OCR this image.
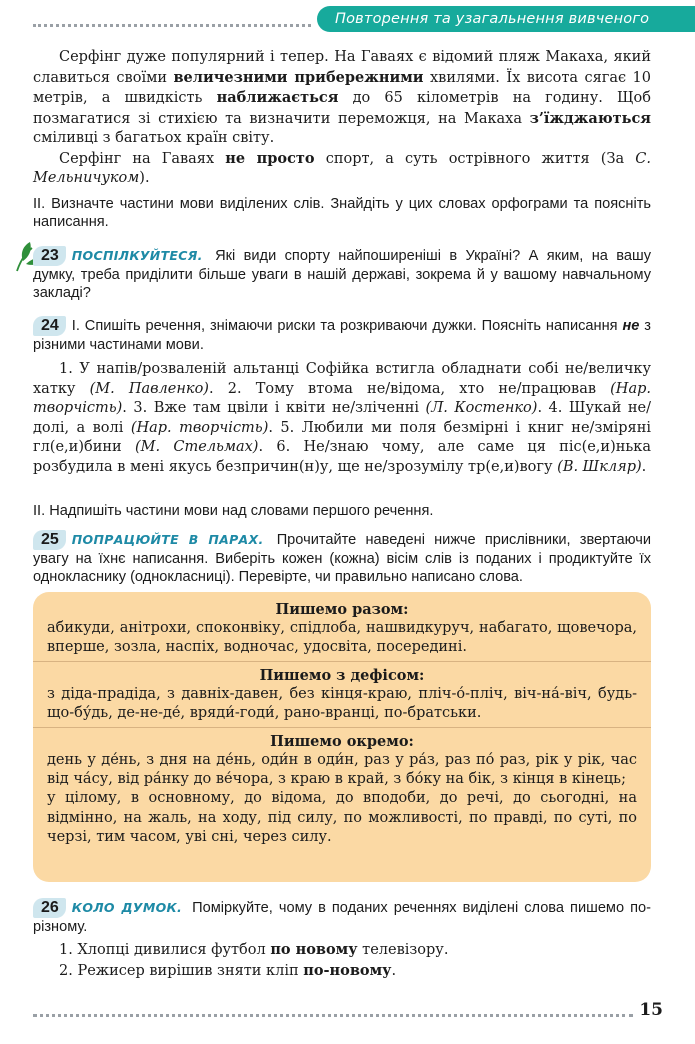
Повторення та узагальнення вивченого

Серфінг дуже популярний і тепер. На Гаваях є відомий пляж Макаха, який славиться своїми величезними прибережними хвилями. Їх висота сягає 10 метрів, а швидкість наближається до 65 кілометрів на годину. Щоб позмагатися зі стихією та визначити переможця, на Макаха з’їжджаються сміливці з багатьох країн світу.

Серфінг на Гаваях не просто спорт, а суть острівного життя (За С. Мельничуком).

II. Визначте частини мови виділених слів. Знайдіть у цих словах орфограми та поясніть написання.

23 ПОСПІЛКУЙТЕСЯ. Які види спорту найпоширеніші в Україні? А яким, на вашу думку, треба приділити більше уваги в нашій державі, зокрема й у вашому навчальному закладі?

24 І. Спишіть речення, знімаючи риски та розкриваючи дужки. Поясніть написання не з різними частинами мови.

1. У напів/розваленій альтанці Софійка встигла обладнати собі не/величку хатку (М. Павленко). 2. Тому втома не/відома, хто не/працював (Нар. творчість). 3. Вже там цвіли і квіти не/зліченні (Л. Костенко). 4. Шукай не/долі, а волі (Нар. творчість). 5. Любили ми поля безмірні і книг не/зміряні гл(е,и)бини (М. Стельмах). 6. Не/знаю чому, але саме ця піс(е,и)нька розбудила в мені якусь безпричин(н)у, ще не/зрозумілу тр(е,и)вогу (В. Шкляр).

II. Надпишіть частини мови над словами першого речення.

25 ПОПРАЦЮЙТЕ В ПАРАХ. Прочитайте наведені нижче прислівники, звертаючи увагу на їхнє написання. Виберіть кожен (кожна) вісім слів із поданих і продиктуйте їх однокласнику (однокласниці). Перевірте, чи правильно написано слова.

Пишемо разом:

абикуди, анітрохи, споконвіку, спідлоба, нашвидкуруч, набагато, щовечора, вперше, зозла, наспіх, водночас, удосвіта, посередині.

Пишемо з дефісом:

з діда-прадіда, з давніх-давен, без кінця-краю, пліч-о́-пліч, віч-на́-віч, будь-що-бу́дь, де-не-де́, вряди́-годи́, рано-вранці, по-братськи.

Пишемо окремо:

день у де́нь, з дня на де́нь, оди́н в оди́н, раз у ра́з, раз по́ раз, рік у рік, час від ча́су, від ра́нку до ве́чора, з краю в край, з бо́ку на бік, з кінця в кінець;

у цілому, в основному, до відома, до вподоби, до речі, до сьогодні, на відмінно, на жаль, на ходу, під силу, по можливості, по правді, по суті, по черзі, тим часом, уві сні, через силу.

26 КОЛО ДУМОК. Поміркуйте, чому в поданих реченнях виділені слова пишемо по-різному.

1. Хлопці дивилися футбол по новому телевізору.

2. Режисер вирішив зняти кліп по-новому.

15
